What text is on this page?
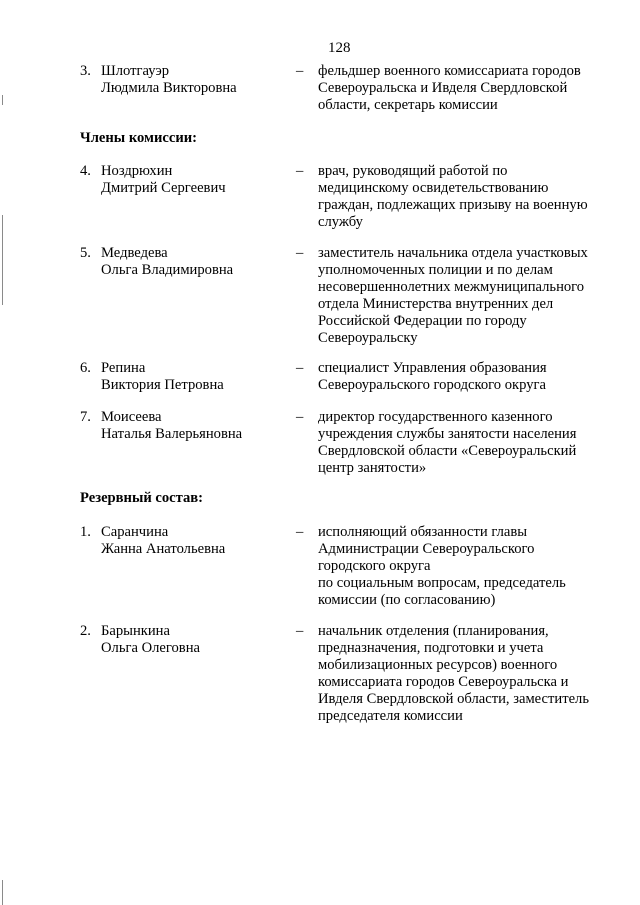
128
3. Шлотгауэр
Людмила Викторовна
–	фельдшер военного комиссариата городов
Североуральска и Ивделя Свердловской
области, секретарь комиссии
Члены комиссии:
4. Ноздрюхин
Дмитрий Сергеевич
–	врач, руководящий работой по
медицинскому освидетельствованию
граждан, подлежащих призыву на военную
службу
5. Медведева
Ольга Владимировна
–	заместитель начальника отдела участковых
уполномоченных полиции и по делам
несовершеннолетних межмуниципального
отдела Министерства внутренних дел
Российской Федерации по городу
Североуральску
6. Репина
Виктория Петровна
–	специалист Управления образования
Североуральского городского округа
7. Моисеева
Наталья Валерьяновна
–	директор государственного казенного
учреждения службы занятости населения
Свердловской области «Североуральский
центр занятости»
Резервный состав:
1. Саранчина
Жанна Анатольевна
–	исполняющий обязанности главы
Администрации Североуральского
городского округа
по социальным вопросам, председатель
комиссии (по согласованию)
2. Барынкина
Ольга Олеговна
–	начальник отделения (планирования,
предназначения, подготовки и учета
мобилизационных ресурсов) военного
комиссариата городов Североуральска и
Ивделя Свердловской области, заместитель
председателя комиссии
